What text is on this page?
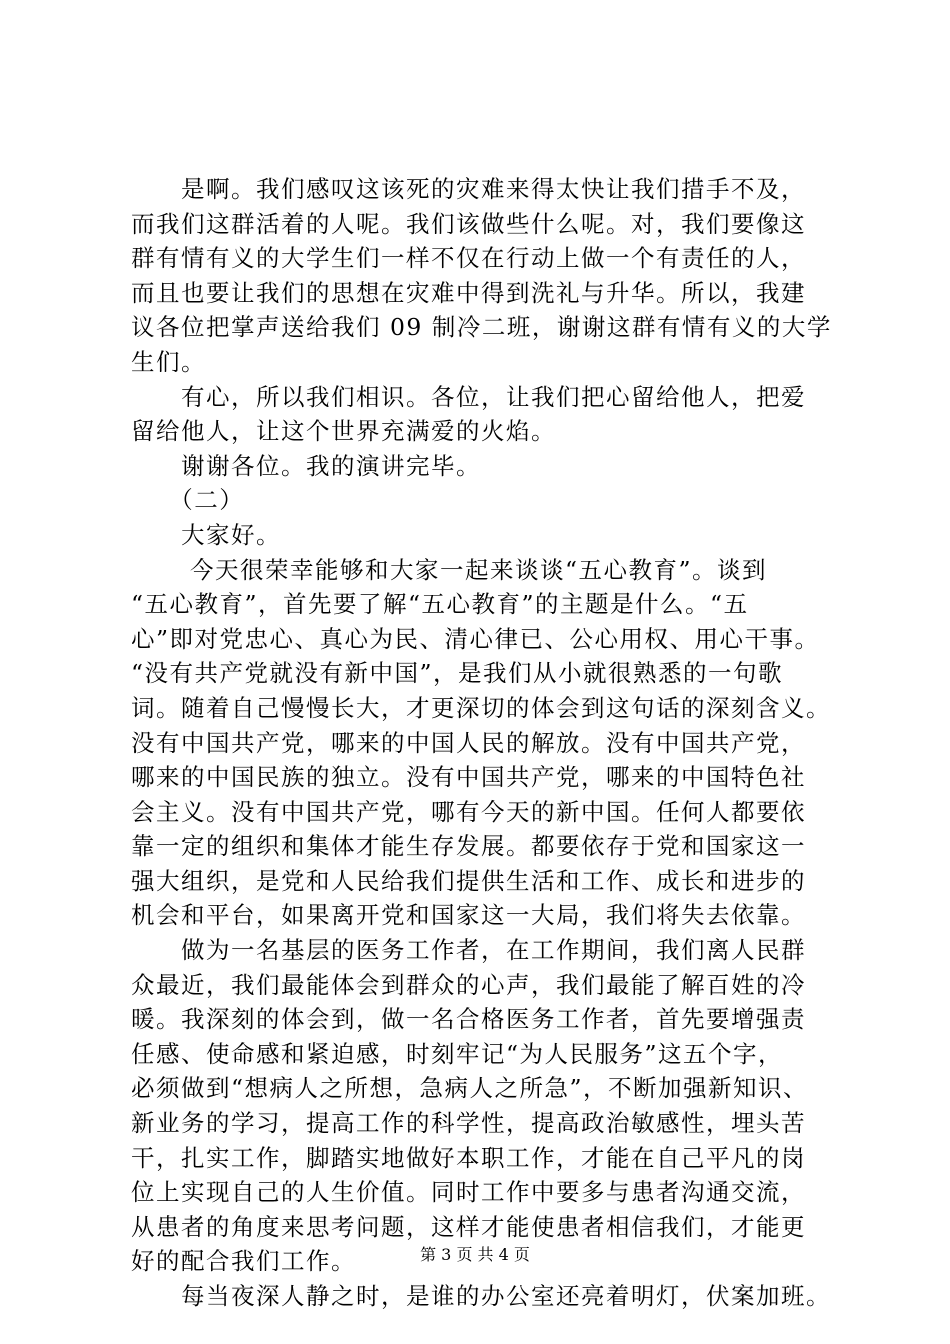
　　是啊。我们感叹这该死的灾难来得太快让我们措手不及，
而我们这群活着的人呢。我们该做些什么呢。对，我们要像这
群有情有义的大学生们一样不仅在行动上做一个有责任的人，
而且也要让我们的思想在灾难中得到洗礼与升华。所以，我建
议各位把掌声送给我们 09 制冷二班，谢谢这群有情有义的大学
生们。
　　有心，所以我们相识。各位，让我们把心留给他人，把爱
留给他人，让这个世界充满爱的火焰。
　　谢谢各位。我的演讲完毕。
　　（二）
　　大家好。
　　 今天很荣幸能够和大家一起来谈谈“五心教育”。谈到
“五心教育”，首先要了解“五心教育”的主题是什么。“五
心”即对党忠心、真心为民、清心律已、公心用权、用心干事。
“没有共产党就没有新中国”，是我们从小就很熟悉的一句歌
词。随着自己慢慢长大，才更深切的体会到这句话的深刻含义。
没有中国共产党，哪来的中国人民的解放。没有中国共产党，
哪来的中国民族的独立。没有中国共产党，哪来的中国特色社
会主义。没有中国共产党，哪有今天的新中国。任何人都要依
靠一定的组织和集体才能生存发展。都要依存于党和国家这一
强大组织，是党和人民给我们提供生活和工作、成长和进步的
机会和平台，如果离开党和国家这一大局，我们将失去依靠。
　　做为一名基层的医务工作者，在工作期间，我们离人民群
众最近，我们最能体会到群众的心声，我们最能了解百姓的冷
暖。我深刻的体会到，做一名合格医务工作者，首先要增强责
任感、使命感和紧迫感，时刻牢记“为人民服务”这五个字，
必须做到“想病人之所想，急病人之所急”，不断加强新知识、
新业务的学习，提高工作的科学性，提高政治敏感性，埋头苦
干，扎实工作，脚踏实地做好本职工作，才能在自己平凡的岗
位上实现自己的人生价值。同时工作中要多与患者沟通交流，
从患者的角度来思考问题，这样才能使患者相信我们，才能更
好的配合我们工作。
　　每当夜深人静之时，是谁的办公室还亮着明灯，伏案加班。
第 3 页 共 4 页
